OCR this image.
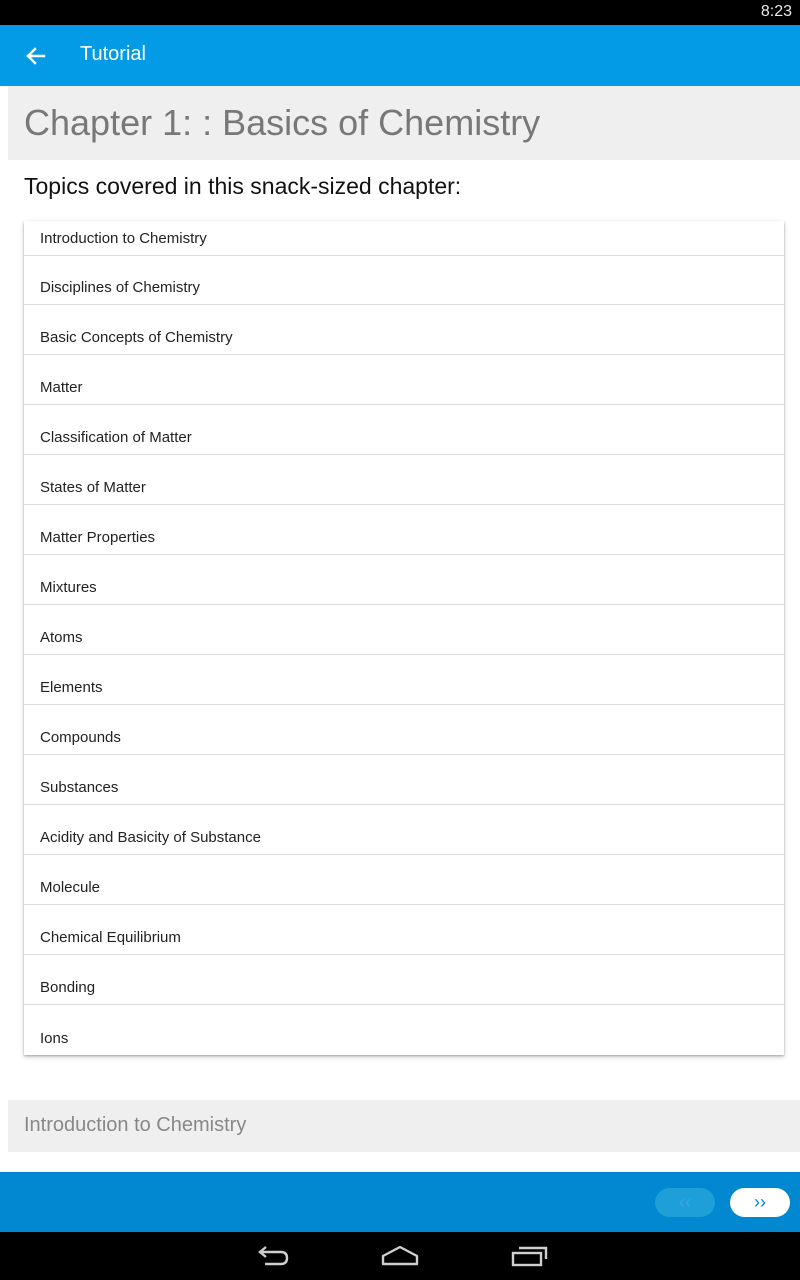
8:23
Tutorial
Chapter 1: : Basics of Chemistry
Topics covered in this snack-sized chapter:
Introduction to Chemistry
Disciplines of Chemistry
Basic Concepts of Chemistry
Matter
Classification of Matter
States of Matter
Matter Properties
Mixtures
Atoms
Elements
Compounds
Substances
Acidity and Basicity of Substance
Molecule
Chemical Equilibrium
Bonding
Ions
Introduction to Chemistry
‹‹	››
